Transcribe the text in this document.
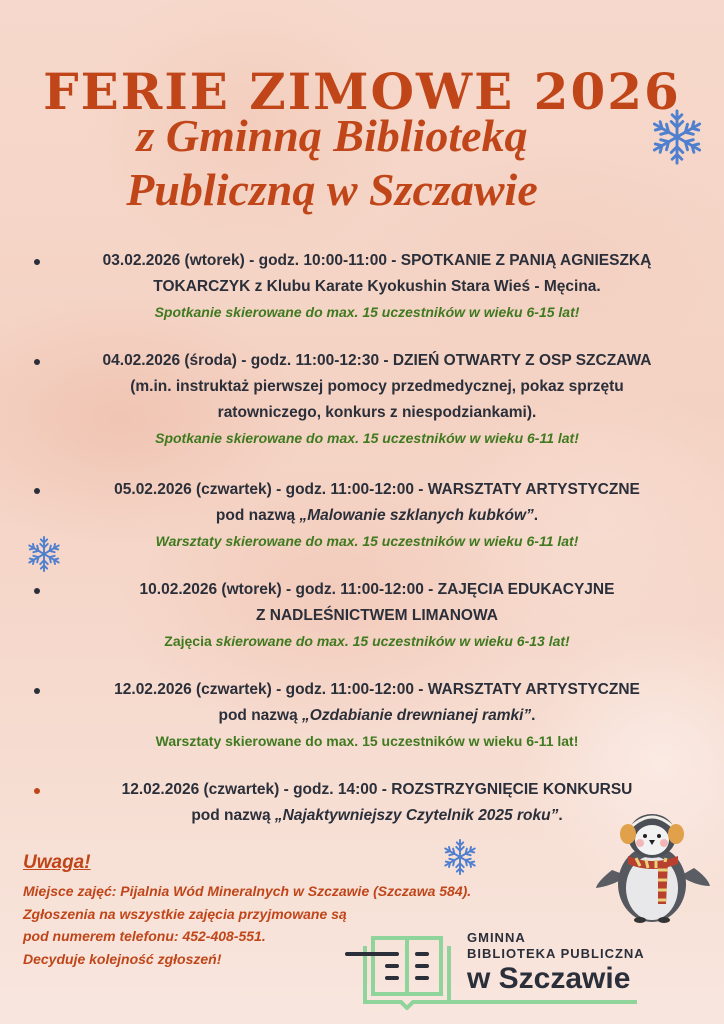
FERIE ZIMOWE 2026
z Gminną Biblioteką
Publiczną w Szczawie
03.02.2026 (wtorek) - godz. 10:00-11:00 - SPOTKANIE Z PANIĄ AGNIESZKĄ
TOKARCZYK z Klubu Karate Kyokushin Stara Wieś - Męcina.
Spotkanie skierowane do max. 15 uczestników w wieku 6-15 lat!
04.02.2026 (środa) - godz. 11:00-12:30 - DZIEŃ OTWARTY Z OSP SZCZAWA
(m.in. instruktaż pierwszej pomocy przedmedycznej, pokaz sprzętu
ratowniczego, konkurs z niespodziankami).
Spotkanie skierowane do max. 15 uczestników w wieku 6-11 lat!
05.02.2026 (czwartek) - godz. 11:00-12:00 - WARSZTATY ARTYSTYCZNE
pod nazwą „Malowanie szklanych kubków”.
Warsztaty skierowane do max. 15 uczestników w wieku 6-11 lat!
10.02.2026 (wtorek) - godz. 11:00-12:00 - ZAJĘCIA EDUKACYJNE
Z NADLEŚNICTWEM LIMANOWA
Zajęcia skierowane do max. 15 uczestników w wieku 6-13 lat!
12.02.2026 (czwartek) - godz. 11:00-12:00 - WARSZTATY ARTYSTYCZNE
pod nazwą „Ozdabianie drewnianej ramki”.
Warsztaty skierowane do max. 15 uczestników w wieku 6-11 lat!
12.02.2026 (czwartek) - godz. 14:00 - ROZSTRZYGNIĘCIE KONKURSU
pod nazwą „Najaktywniejszy Czytelnik 2025 roku”.
Uwaga!
Miejsce zajęć: Pijalnia Wód Mineralnych w Szczawie (Szczawa 584).
Zgłoszenia na wszystkie zajęcia przyjmowane są
pod numerem telefonu: 452-408-551.
Decyduje kolejność zgłoszeń!
GMINNA
BIBLIOTEKA PUBLICZNA
w Szczawie
